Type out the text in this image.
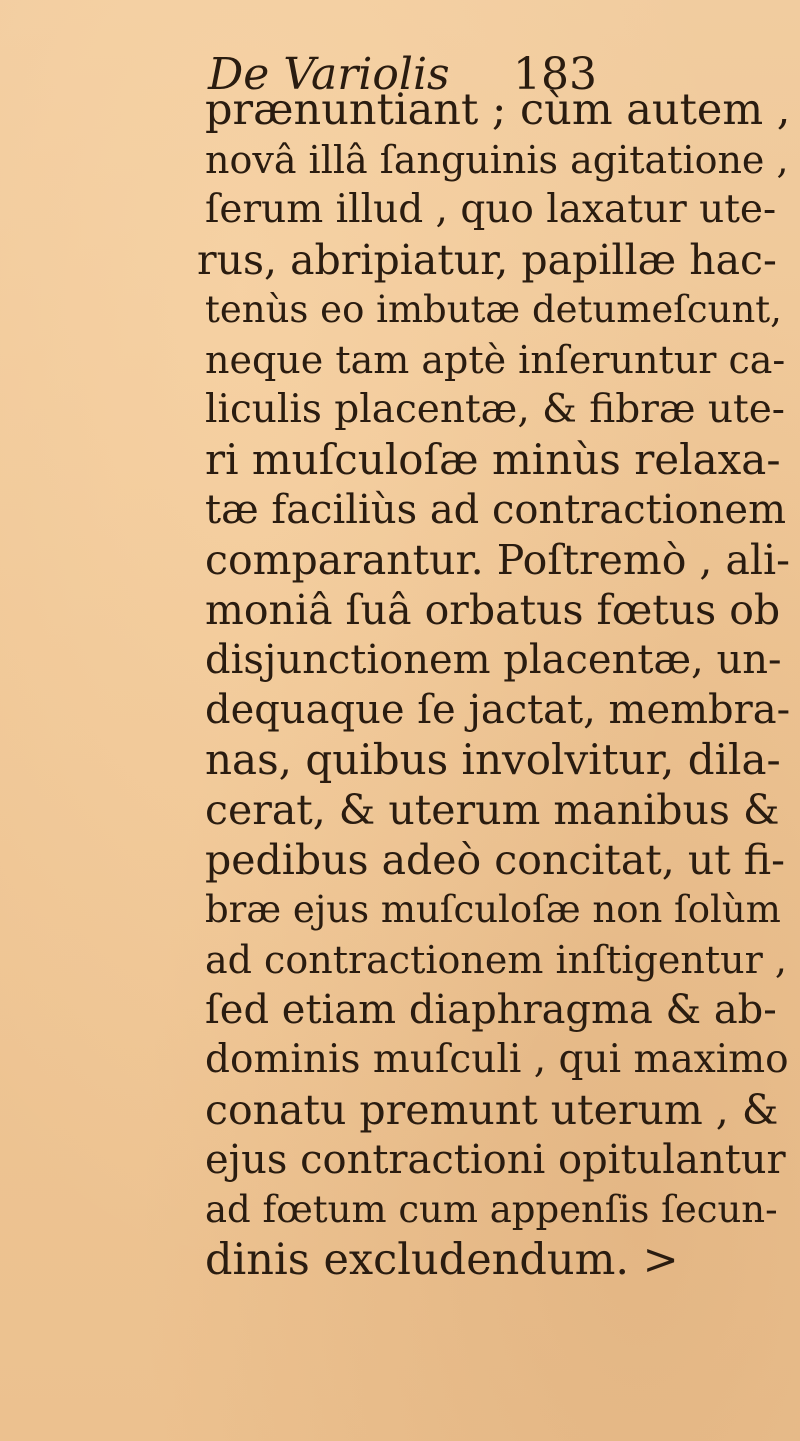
De Variolis 183
prænuntiant ; cùm autem ,
novâ illâ ſanguinis agitatione ,
ſerum illud , quo laxatur ute-
rus, abripiatur, papillæ hac-
tenùs eo imbutæ detumeſcunt,
neque tam aptè inſeruntur ca-
liculis placentæ, & fibræ ute-
ri muſculoſæ minùs relaxa-
tæ faciliùs ad contractionem
comparantur. Poſtremò , ali-
moniâ ſuâ orbatus fœtus ob
disjunctionem placentæ, un-
dequaque ſe jactat, membra-
nas, quibus involvitur, dila-
cerat, & uterum manibus &
pedibus adeò concitat, ut fi-
bræ ejus muſculoſæ non ſolùm
ad contractionem inſtigentur ,
ſed etiam diaphragma & ab-
dominis muſculi , qui maximo
conatu premunt uterum , &
ejus contractioni opitulantur
ad fœtum cum appenſis ſecun-
dinis excludendum. >
